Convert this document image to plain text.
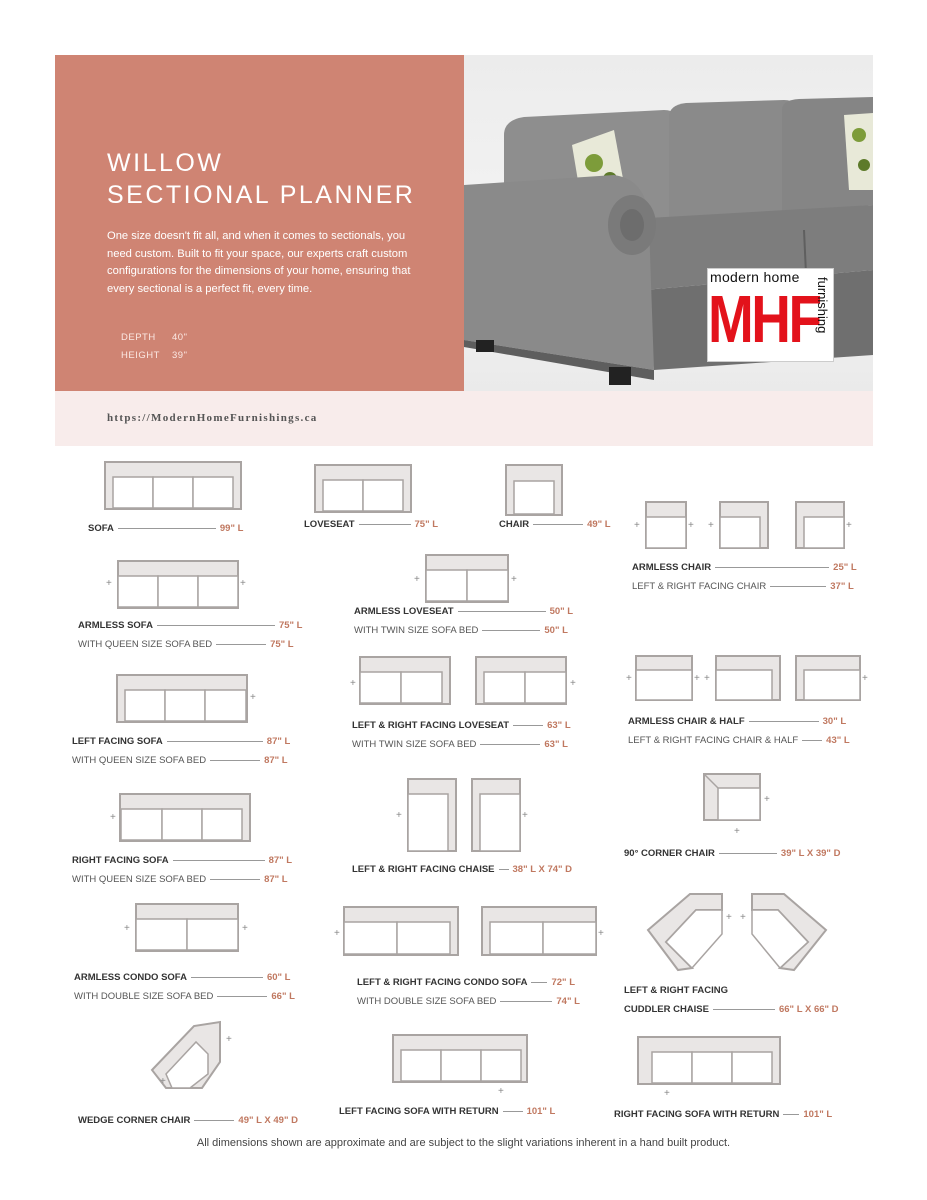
WILLOW
SECTIONAL PLANNER

One size doesn't fit all, and when it comes to sectionals, you need custom. Built to fit your space, our experts craft custom configurations for the dimensions of your home, ensuring that every sectional is a perfect fit, every time.

DEPTH 40"
HEIGHT 39"
modern home
MHF
furnishing
https://ModernHomeFurnishings.ca
SOFA	99" L
+	+
ARMLESS SOFA	75" L
WITH QUEEN SIZE SOFA BED	75" L
+
LEFT FACING SOFA	87" L
WITH QUEEN SIZE SOFA BED	87" L
+
RIGHT FACING SOFA	87" L
WITH QUEEN SIZE SOFA BED	87" L
+	+
ARMLESS CONDO SOFA	60" L
WITH DOUBLE SIZE SOFA BED	66" L
+
+
WEDGE CORNER CHAIR	49" L X 49" D
LOVESEAT	75" L
+	+
ARMLESS LOVESEAT	50" L
WITH TWIN SIZE SOFA BED	50" L
+	+
LEFT & RIGHT FACING LOVESEAT	63" L
WITH TWIN SIZE SOFA BED	63" L
+	+
LEFT & RIGHT FACING CHAISE 38" L X 74" D
+	+
LEFT & RIGHT FACING CONDO SOFA	72" L
WITH DOUBLE SIZE SOFA BED	74" L
+
LEFT FACING SOFA WITH RETURN	101" L
CHAIR	49" L +	+ +	+
ARMLESS CHAIR	25" L
LEFT & RIGHT FACING CHAIR	37" L
+	+ +	+
ARMLESS CHAIR & HALF	30" L
LEFT & RIGHT FACING CHAIR & HALF	43" L
+
+
90° CORNER CHAIR	39" L X 39" D
+ +
LEFT & RIGHT FACING
CUDDLER CHAISE	66" L X 66" D
+
RIGHT FACING SOFA WITH RETURN	101" L
All dimensions shown are approximate and are subject to the slight variations inherent in a hand built product.
